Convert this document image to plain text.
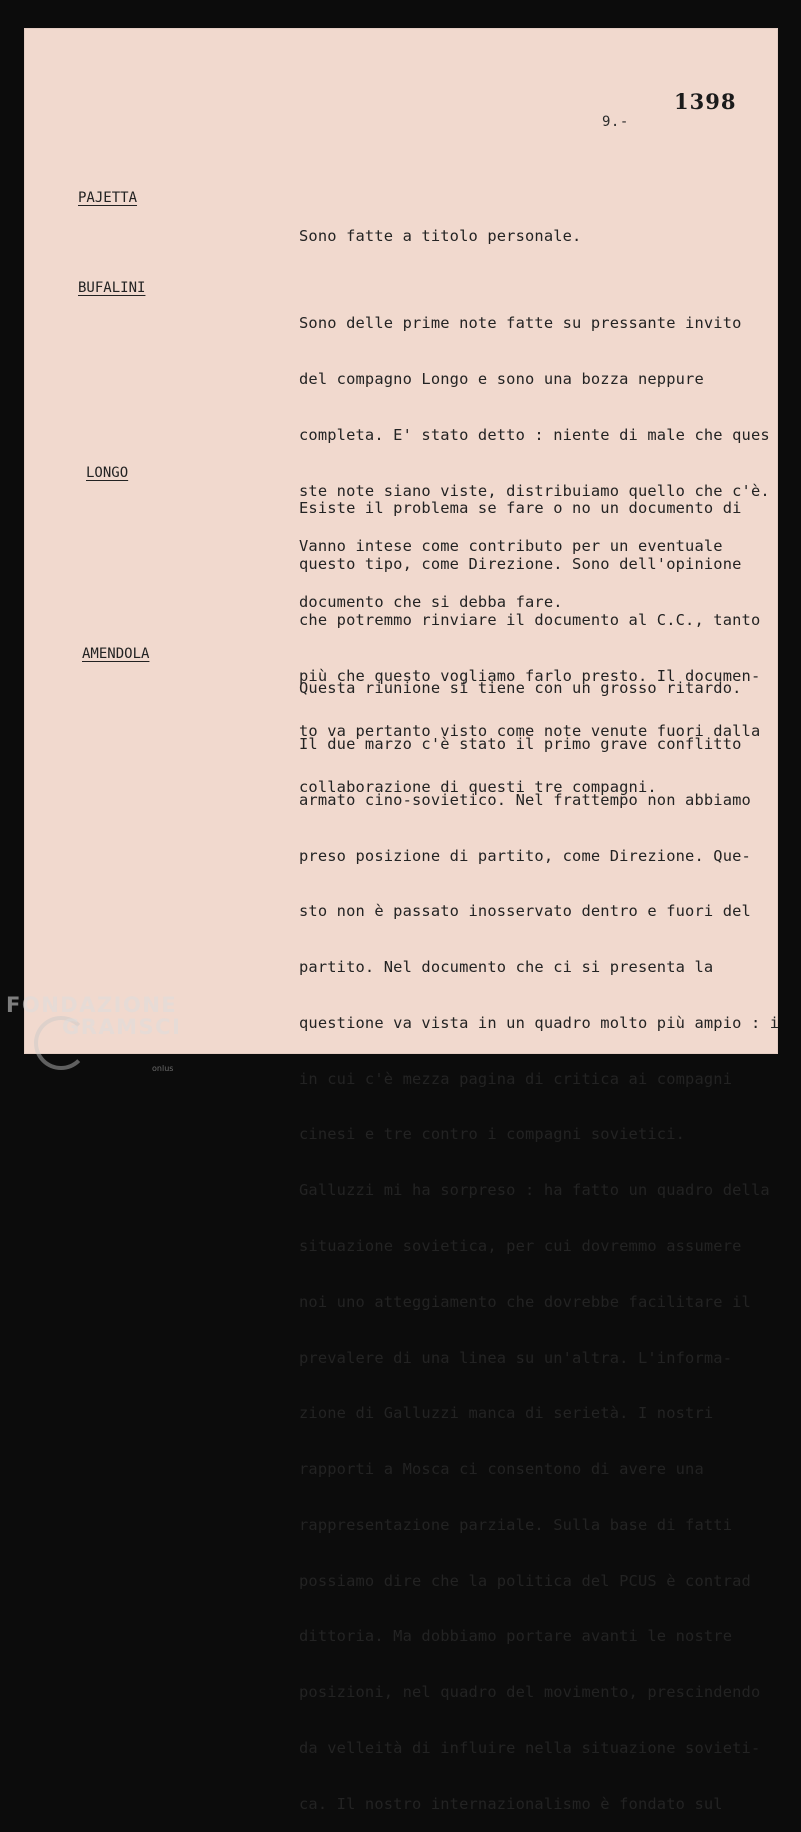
9.-
1398
PAJETTA

Sono fatte a titolo personale.

BUFALINI

Sono delle prime note fatte su pressante invito

del compagno Longo e sono una bozza neppure

completa. E' stato detto : niente di male che ques

ste note siano viste, distribuiamo quello che c'è.

Vanno intese come contributo per un eventuale

documento che si debba fare.

LONGO

Esiste il problema se fare o no un documento di

questo tipo, come Direzione. Sono dell'opinione

che potremmo rinviare il documento al C.C., tanto

più che questo vogliamo farlo presto. Il documen-

to va pertanto visto come note venute fuori dalla

collaborazione di questi tre compagni.

AMENDOLA

Questa riunione si tiene con un grosso ritardo.

Il due marzo c'è stato il primo grave conflitto

armato cino-sovietico. Nel frattempo non abbiamo

preso posizione di partito, come Direzione. Que-

sto non è passato inosservato dentro e fuori del

partito. Nel documento che ci si presenta la

questione va vista in un quadro molto più ampio : i

in cui c'è mezza pagina di critica ai compagni

cinesi e tre contro i compagni sovietici.

Galluzzi mi ha sorpreso : ha fatto un quadro della

situazione sovietica, per cui dovremmo assumere

noi uno atteggiamento che dovrebbe facilitare il

prevalere di una linea su un'altra. L'informa-

zione di Galluzzi manca di serietà. I nostri

rapporti a Mosca ci consentono di avere una

rappresentazione parziale. Sulla base di fatti

possiamo dire che la politica del PCUS è contrad

dittoria. Ma dobbiamo portare avanti le nostre

posizioni, nel quadro del movimento, prescindendo

da velleità di influire nella situazione sovieti-

ca. Il nostro internazionalismo è fondato sul

FONDAZIONE
GRAMSCI
onlus
